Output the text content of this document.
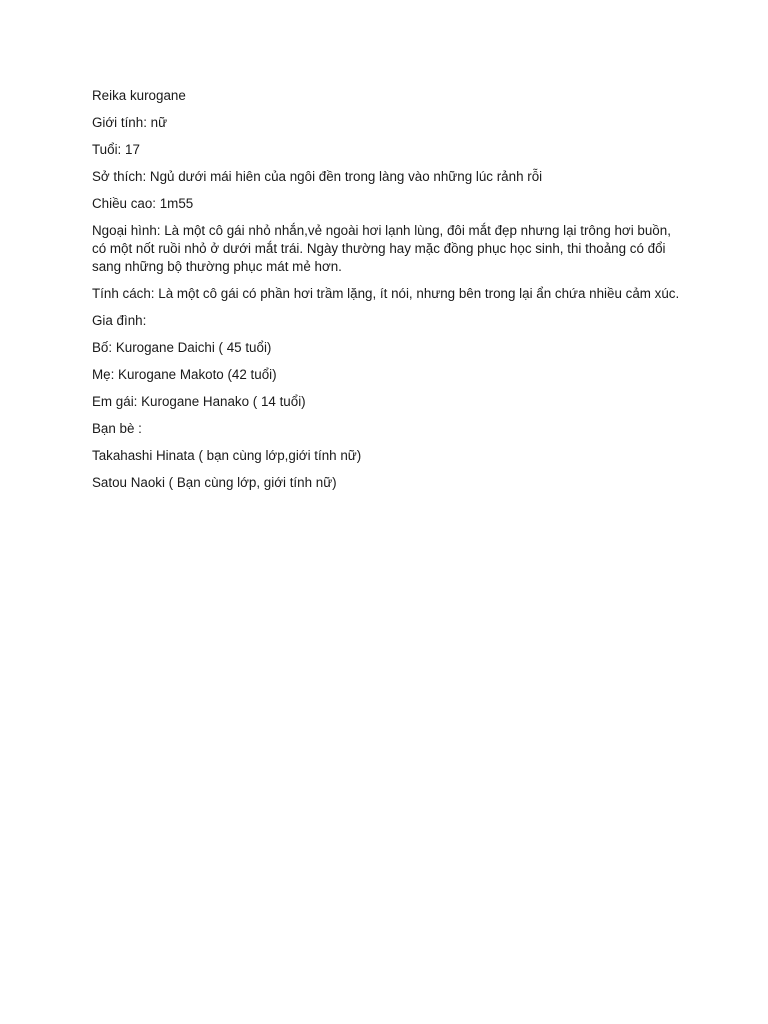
Reika kurogane

Giới tính: nữ

Tuổi: 17

Sở thích: Ngủ dưới mái hiên của ngôi đền trong làng vào những lúc rảnh rỗi

Chiều cao: 1m55

Ngoại hình: Là một cô gái nhỏ nhắn,vẻ ngoài hơi lạnh lùng, đôi mắt đẹp nhưng lại trông hơi buồn, có một nốt ruồi nhỏ ở dưới mắt trái. Ngày thường hay mặc đồng phục học sinh, thi thoảng có đổi sang những bộ thường phục mát mẻ hơn.

Tính cách: Là một cô gái có phần hơi trầm lặng, ít nói, nhưng bên trong lại ẩn chứa nhiều cảm xúc.

Gia đình:

Bố: Kurogane Daichi ( 45 tuổi)

Mẹ: Kurogane Makoto (42 tuổi)

Em gái: Kurogane Hanako ( 14 tuổi)

Bạn bè :

Takahashi Hinata ( bạn cùng lớp,giới tính nữ)

Satou Naoki ( Bạn cùng lớp, giới tính nữ)
